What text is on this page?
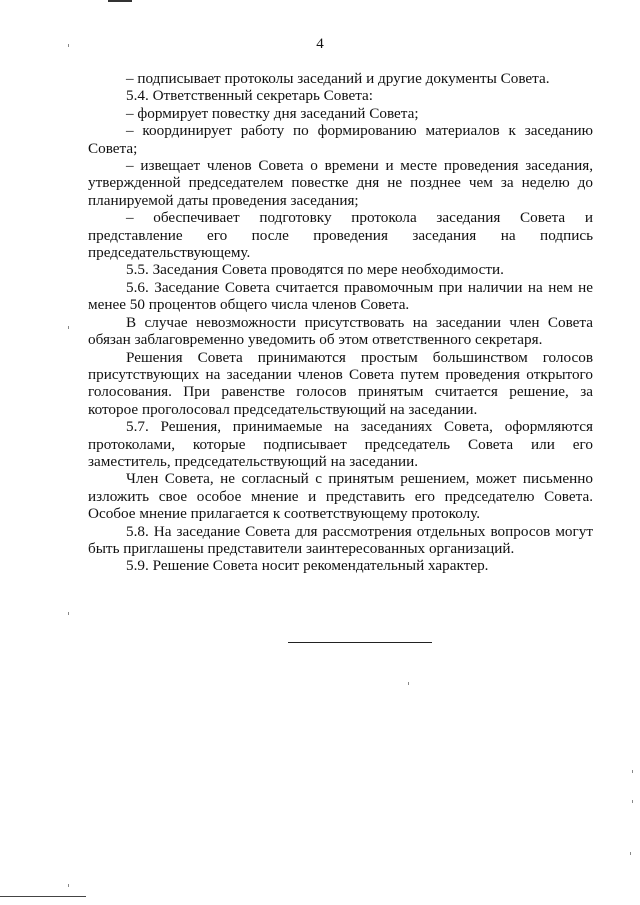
4

– подписывает протоколы заседаний и другие документы Совета.

5.4. Ответственный секретарь Совета:

– формирует повестку дня заседаний Совета;

– координирует работу по формированию материалов к заседанию Совета;

– извещает членов Совета о времени и месте проведения заседания, утвержденной председателем повестке дня не позднее чем за неделю до планируемой даты проведения заседания;

– обеспечивает подготовку протокола заседания Совета и представление его после проведения заседания на подпись председательствующему.

5.5. Заседания Совета проводятся по мере необходимости.

5.6. Заседание Совета считается правомочным при наличии на нем не менее 50 процентов общего числа членов Совета.

В случае невозможности присутствовать на заседании член Совета обязан заблаговременно уведомить об этом ответственного секретаря.

Решения Совета принимаются простым большинством голосов присутствующих на заседании членов Совета путем проведения открытого голосования. При равенстве голосов принятым считается решение, за которое проголосовал председательствующий на заседании.

5.7. Решения, принимаемые на заседаниях Совета, оформляются протоколами, которые подписывает председатель Совета или его заместитель, председательствующий на заседании.

Член Совета, не согласный с принятым решением, может письменно изложить свое особое мнение и представить его председателю Совета. Особое мнение прилагается к соответствующему протоколу.

5.8. На заседание Совета для рассмотрения отдельных вопросов могут быть приглашены представители заинтересованных организаций.

5.9. Решение Совета носит рекомендательный характер.
